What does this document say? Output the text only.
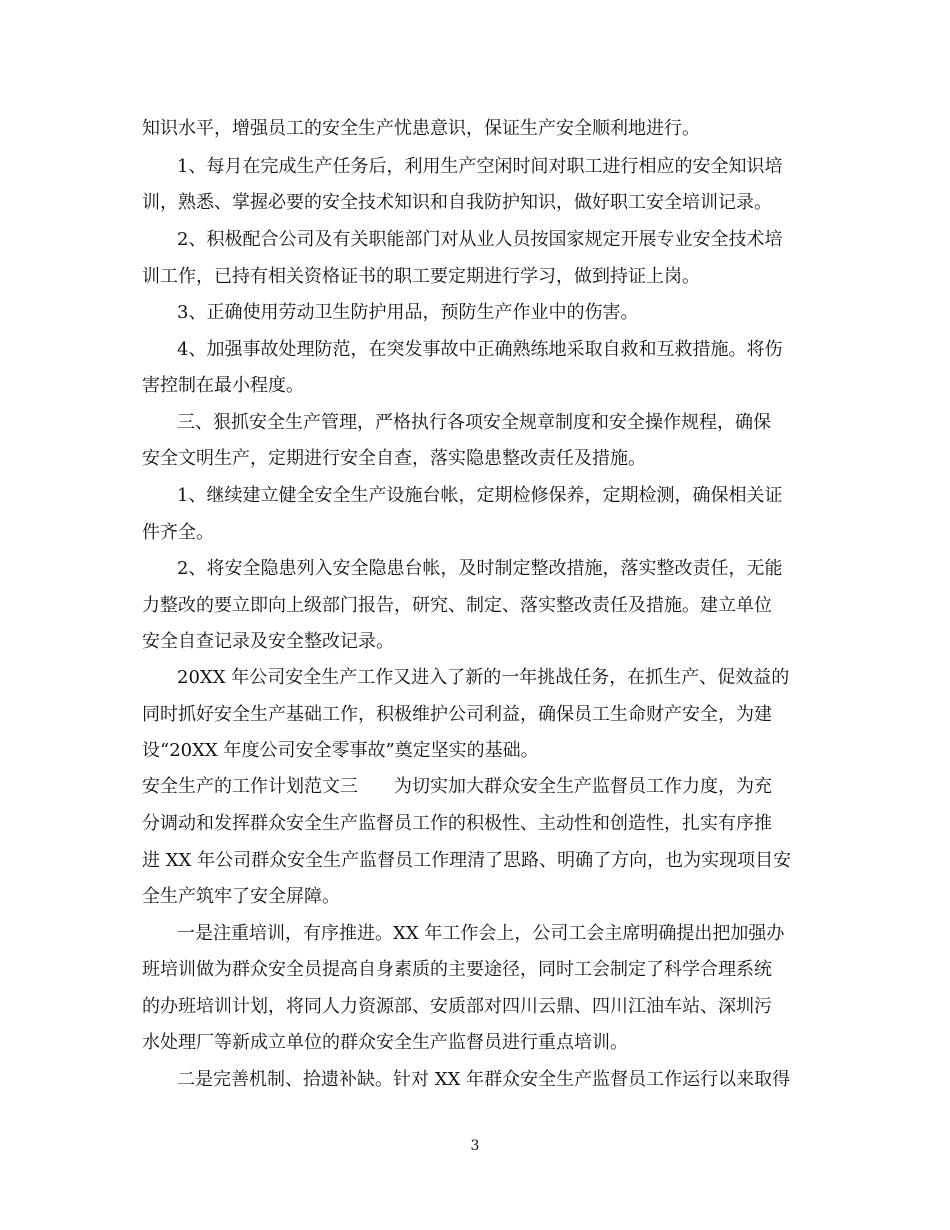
知识水平，增强员工的安全生产忧患意识，保证生产安全顺利地进行。
1、每月在完成生产任务后，利用生产空闲时间对职工进行相应的安全知识培
训，熟悉、掌握必要的安全技术知识和自我防护知识，做好职工安全培训记录。
2、积极配合公司及有关职能部门对从业人员按国家规定开展专业安全技术培
训工作，已持有相关资格证书的职工要定期进行学习，做到持证上岗。
3、正确使用劳动卫生防护用品，预防生产作业中的伤害。
4、加强事故处理防范，在突发事故中正确熟练地采取自救和互救措施。将伤
害控制在最小程度。
三、狠抓安全生产管理，严格执行各项安全规章制度和安全操作规程，确保
安全文明生产，定期进行安全自查，落实隐患整改责任及措施。
1、继续建立健全安全生产设施台帐，定期检修保养，定期检测，确保相关证
件齐全。
2、将安全隐患列入安全隐患台帐，及时制定整改措施，落实整改责任，无能
力整改的要立即向上级部门报告，研究、制定、落实整改责任及措施。建立单位
安全自查记录及安全整改记录。
20XX 年公司安全生产工作又进入了新的一年挑战任务，在抓生产、促效益的
同时抓好安全生产基础工作，积极维护公司利益，确保员工生命财产安全，为建
设“20XX 年度公司安全零事故”奠定坚实的基础。
安全生产的工作计划范文三　　为切实加大群众安全生产监督员工作力度，为充
分调动和发挥群众安全生产监督员工作的积极性、主动性和创造性，扎实有序推
进 XX 年公司群众安全生产监督员工作理清了思路、明确了方向，也为实现项目安
全生产筑牢了安全屏障。
一是注重培训，有序推进。XX 年工作会上，公司工会主席明确提出把加强办
班培训做为群众安全员提高自身素质的主要途径，同时工会制定了科学合理系统
的办班培训计划，将同人力资源部、安质部对四川云鼎、四川江油车站、深圳污
水处理厂等新成立单位的群众安全生产监督员进行重点培训。
二是完善机制、拾遗补缺。针对 XX 年群众安全生产监督员工作运行以来取得
3
